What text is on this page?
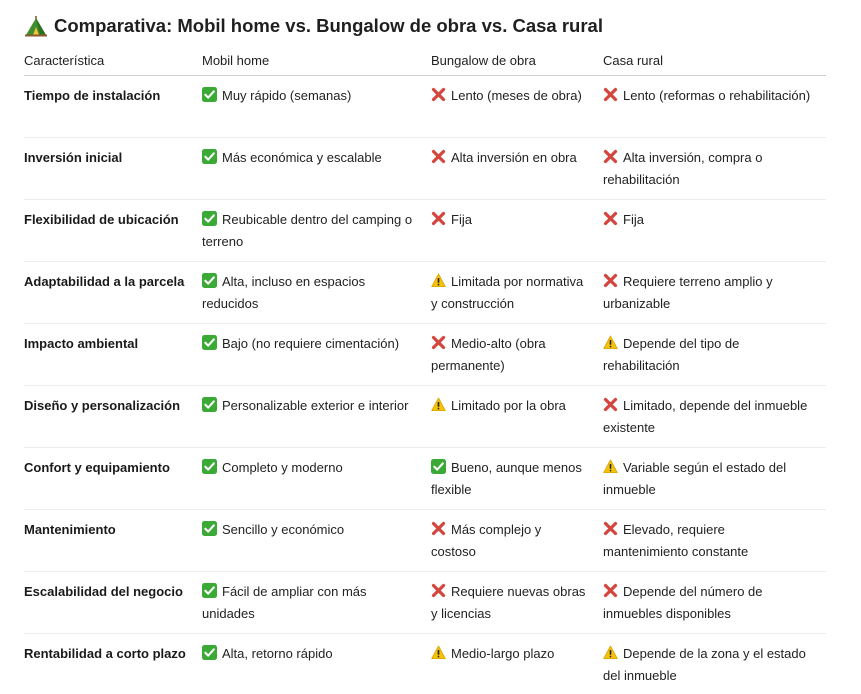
Comparativa: Mobil home vs. Bungalow de obra vs. Casa rural
Característica	Mobil home	Bungalow de obra	Casa rural
Tiempo de instalación	Muy rápido (semanas)	Lento (meses de obra)	Lento (reformas o rehabilitación)
Inversión inicial	Más económica y escalable	Alta inversión en obra	Alta inversión, compra o rehabilitación
Flexibilidad de ubicación	Reubicable dentro del camping o terreno	Fija	Fija
Adaptabilidad a la parcela	Alta, incluso en espacios reducidos	Limitada por normativa y construcción	Requiere terreno amplio y urbanizable
Impacto ambiental	Bajo (no requiere cimentación)	Medio-alto (obra permanente)	Depende del tipo de rehabilitación
Diseño y personalización	Personalizable exterior e interior	Limitado por la obra	Limitado, depende del inmueble existente
Confort y equipamiento	Completo y moderno	Bueno, aunque menos flexible	Variable según el estado del inmueble
Mantenimiento	Sencillo y económico	Más complejo y costoso	Elevado, requiere mantenimiento constante
Escalabilidad del negocio	Fácil de ampliar con más unidades	Requiere nuevas obras y licencias	Depende del número de inmuebles disponibles
Rentabilidad a corto plazo	Alta, retorno rápido	Medio-largo plazo	Depende de la zona y el estado del inmueble
